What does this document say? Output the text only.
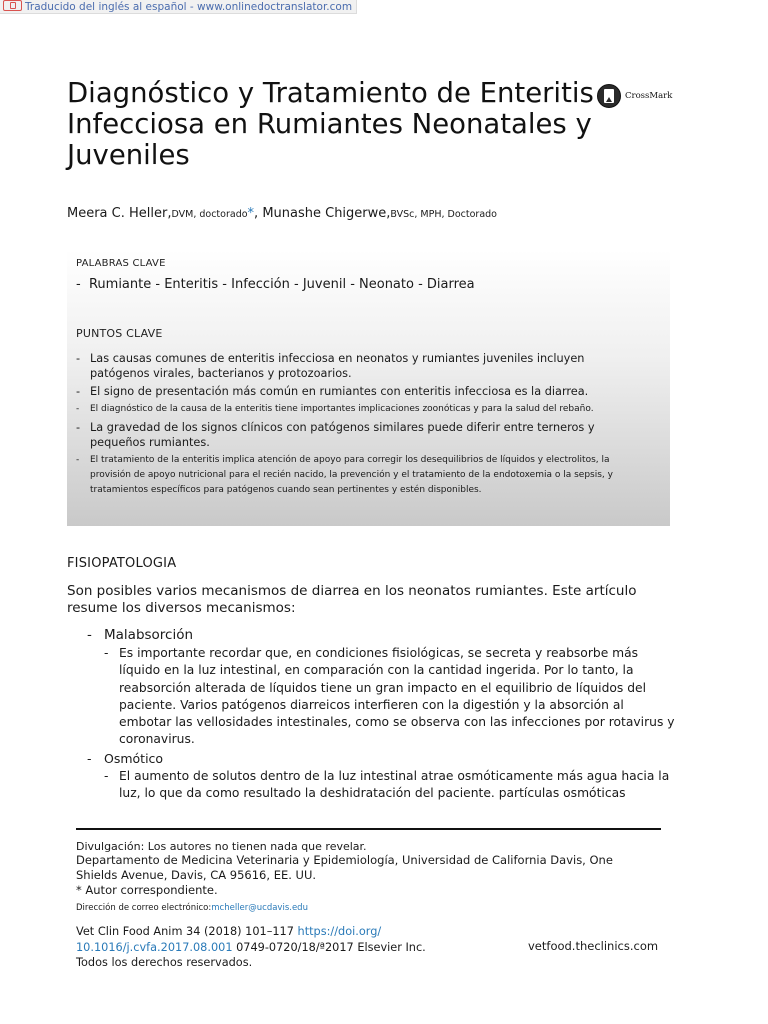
Traducido del inglés al español - www.onlinedoctranslator.com
Diagnóstico y Tratamiento de Enteritis Infecciosa en Rumiantes Neonatales y Juveniles
CrossMark
Meera C. Heller,DVM, doctorado*, Munashe Chigerwe,BVSc, MPH, Doctorado
PALABRAS CLAVE
-  Rumiante - Enteritis - Infección - Juvenil - Neonato - Diarrea
PUNTOS CLAVE
- Las causas comunes de enteritis infecciosa en neonatos y rumiantes juveniles incluyen patógenos virales, bacterianos y protozoarios.
- El signo de presentación más común en rumiantes con enteritis infecciosa es la diarrea.
- El diagnóstico de la causa de la enteritis tiene importantes implicaciones zoonóticas y para la salud del rebaño.
- La gravedad de los signos clínicos con patógenos similares puede diferir entre terneros y pequeños rumiantes.
- El tratamiento de la enteritis implica atención de apoyo para corregir los desequilibrios de líquidos y electrolitos, la provisión de apoyo nutricional para el recién nacido, la prevención y el tratamiento de la endotoxemia o la sepsis, y tratamientos específicos para patógenos cuando sean pertinentes y estén disponibles.
FISIOPATOLOGIA

Son posibles varios mecanismos de diarrea en los neonatos rumiantes. Este artículo resume los diversos mecanismos:

- Malabsorción
- Es importante recordar que, en condiciones fisiológicas, se secreta y reabsorbe más líquido en la luz intestinal, en comparación con la cantidad ingerida. Por lo tanto, la reabsorción alterada de líquidos tiene un gran impacto en el equilibrio de líquidos del paciente. Varios patógenos diarreicos interfieren con la digestión y la absorción al embotar las vellosidades intestinales, como se observa con las infecciones por rotavirus y coronavirus.
- Osmótico
- El aumento de solutos dentro de la luz intestinal atrae osmóticamente más agua hacia la luz, lo que da como resultado la deshidratación del paciente. partículas osmóticas
Divulgación: Los autores no tienen nada que revelar.
Departamento de Medicina Veterinaria y Epidemiología, Universidad de California Davis, One Shields Avenue, Davis, CA 95616, EE. UU.
* Autor correspondiente.
Dirección de correo electrónico:mcheller@ucdavis.edu
Vet Clin Food Anim 34 (2018) 101–117 https://doi.org/ 10.1016/j.cvfa.2017.08.001 0749-0720/18/ª2017 Elsevier Inc. Todos los derechos reservados.
vetfood.theclinics.com
